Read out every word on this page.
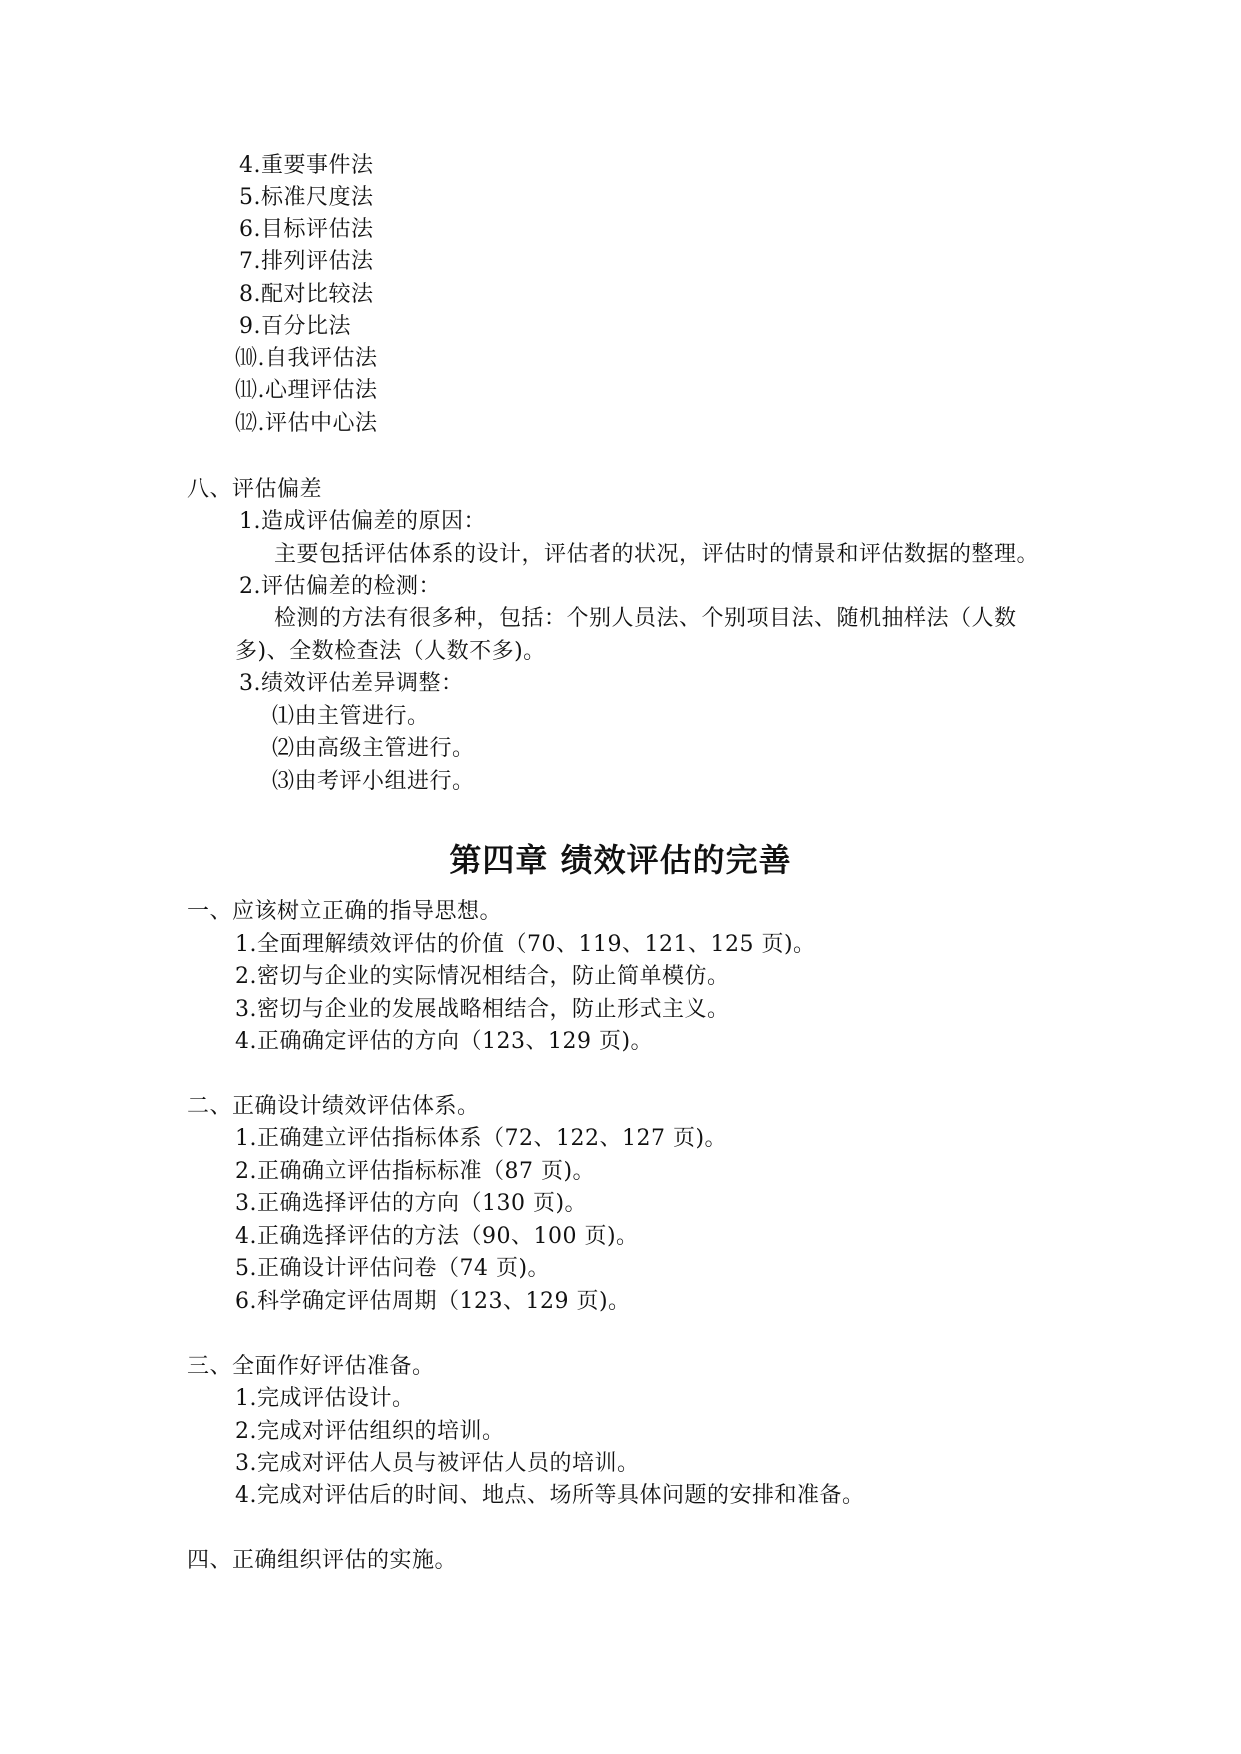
4.重要事件法
5.标准尺度法
6.目标评估法
7.排列评估法
8.配对比较法
9.百分比法
⑽.自我评估法
⑾.心理评估法
⑿.评估中心法
八、评估偏差
1.造成评估偏差的原因：
主要包括评估体系的设计，评估者的状况，评估时的情景和评估数据的整理。
2.评估偏差的检测：
检测的方法有很多种，包括：个别人员法、个别项目法、随机抽样法（人数
多)、全数检查法（人数不多)。
3.绩效评估差异调整：
⑴由主管进行。
⑵由高级主管进行。
⑶由考评小组进行。
第四章 绩效评估的完善
一、应该树立正确的指导思想。
1.全面理解绩效评估的价值（70、119、121、125 页)。
2.密切与企业的实际情况相结合，防止简单模仿。
3.密切与企业的发展战略相结合，防止形式主义。
4.正确确定评估的方向（123、129 页)。
二、正确设计绩效评估体系。
1.正确建立评估指标体系（72、122、127 页)。
2.正确确立评估指标标准（87 页)。
3.正确选择评估的方向（130 页)。
4.正确选择评估的方法（90、100 页)。
5.正确设计评估问卷（74 页)。
6.科学确定评估周期（123、129 页)。
三、全面作好评估准备。
1.完成评估设计。
2.完成对评估组织的培训。
3.完成对评估人员与被评估人员的培训。
4.完成对评估后的时间、地点、场所等具体问题的安排和准备。
四、正确组织评估的实施。
